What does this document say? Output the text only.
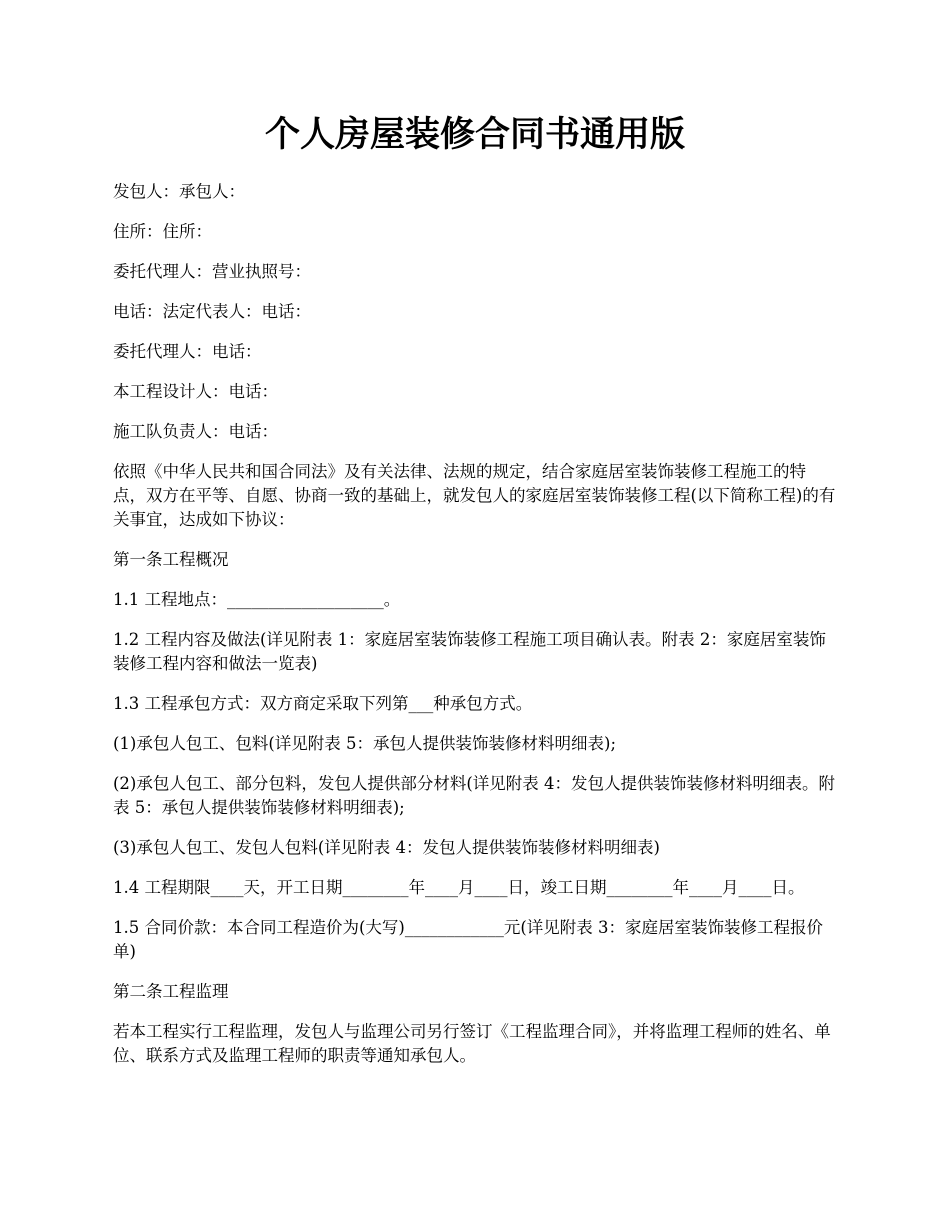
个人房屋装修合同书通用版

发包人：承包人：

住所：住所：

委托代理人：营业执照号：

电话：法定代表人：电话：

委托代理人：电话：

本工程设计人：电话：

施工队负责人：电话：

依照《中华人民共和国合同法》及有关法律、法规的规定，结合家庭居室装饰装修工程施工的特点，双方在平等、自愿、协商一致的基础上，就发包人的家庭居室装饰装修工程(以下简称工程)的有关事宜，达成如下协议：

第一条工程概况

1.1 工程地点：___________________。

1.2 工程内容及做法(详见附表 1：家庭居室装饰装修工程施工项目确认表。附表 2：家庭居室装饰装修工程内容和做法一览表)

1.3 工程承包方式：双方商定采取下列第___种承包方式。

(1)承包人包工、包料(详见附表 5：承包人提供装饰装修材料明细表);

(2)承包人包工、部分包料，发包人提供部分材料(详见附表 4：发包人提供装饰装修材料明细表。附表 5：承包人提供装饰装修材料明细表);

(3)承包人包工、发包人包料(详见附表 4：发包人提供装饰装修材料明细表)

1.4 工程期限____天，开工日期________年____月____日，竣工日期________年____月____日。

1.5 合同价款：本合同工程造价为(大写)____________元(详见附表 3：家庭居室装饰装修工程报价单)

第二条工程监理

若本工程实行工程监理，发包人与监理公司另行签订《工程监理合同》，并将监理工程师的姓名、单位、联系方式及监理工程师的职责等通知承包人。
